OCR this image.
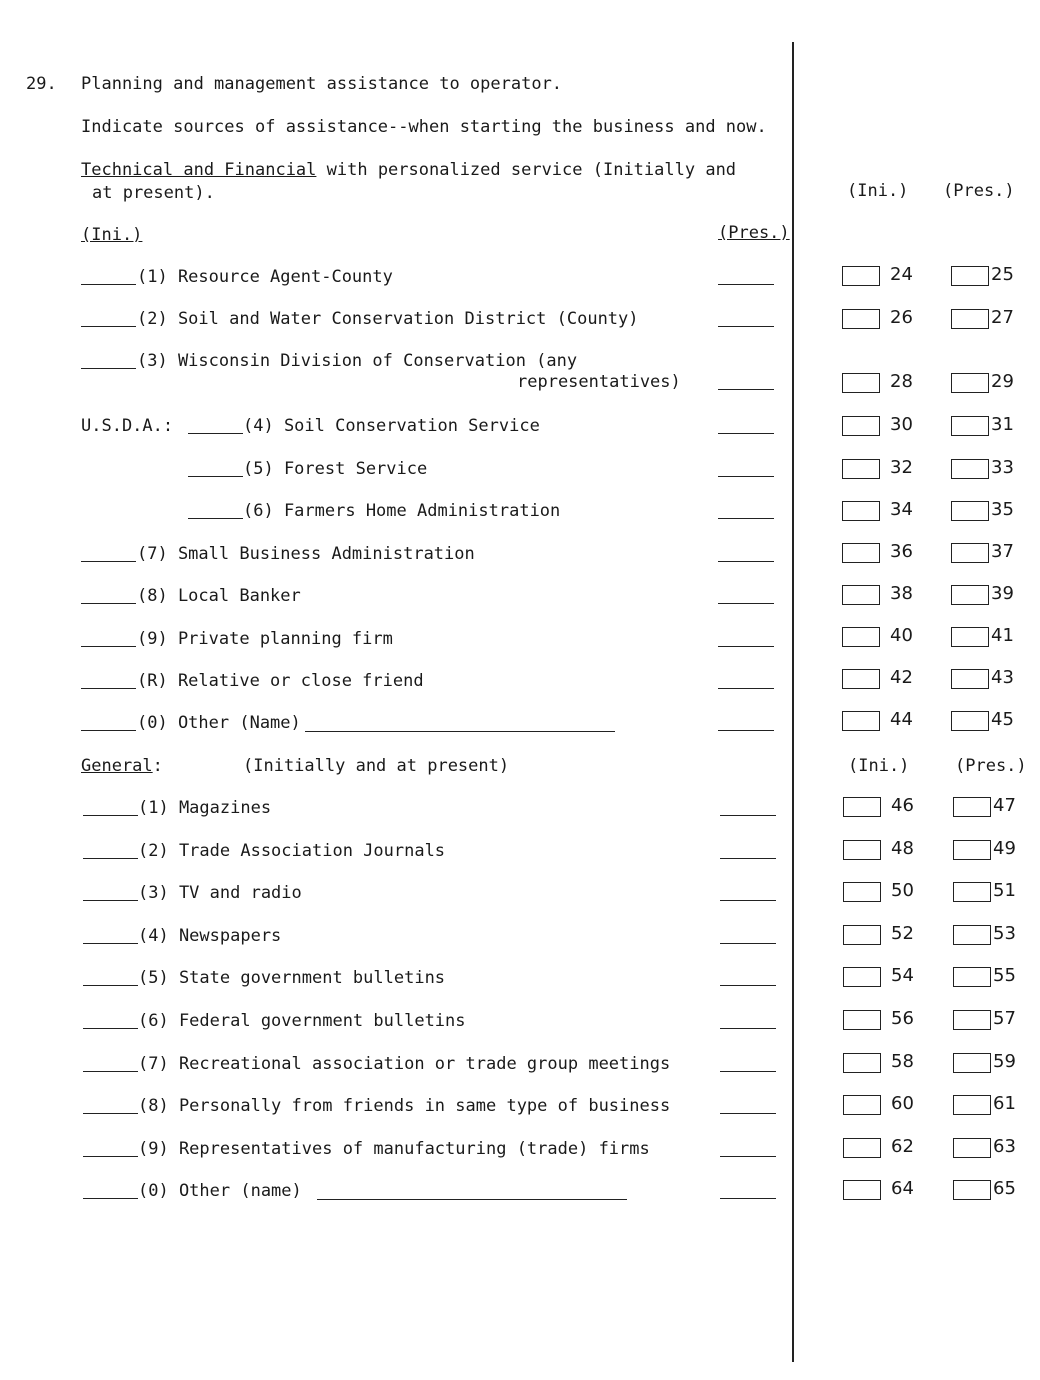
29. Planning and management assistance to operator.
Indicate sources of assistance--when starting the business and now.
Technical and Financial with personalized service (Initially and
at present).	(Ini.) (Pres.)
(Ini.)	(Pres.)
U.S.D.A.:
(1) Resource Agent-County	24	25
(2) Soil and Water Conservation District (County)	26	27
(3) Wisconsin Division of Conservation (any
representatives)	28	29
(4) Soil Conservation Service	30	31
(5) Forest Service	32	33
(6) Farmers Home Administration	34	35
(7) Small Business Administration	36	37
(8) Local Banker	38	39
(9) Private planning firm	40	41
(R) Relative or close friend	42	43
(0) Other (Name)	44	45
General:	(Initially and at present)	(Ini.)	(Pres.)
(1) Magazines	46	47
(2) Trade Association Journals	48	49
(3) TV and radio	50	51
(4) Newspapers	52	53
(5) State government bulletins	54	55
(6) Federal government bulletins	56	57
(7) Recreational association or trade group meetings	58	59
(8) Personally from friends in same type of business	60	61
(9) Representatives of manufacturing (trade) firms	62	63
(0) Other (name)	64	65
